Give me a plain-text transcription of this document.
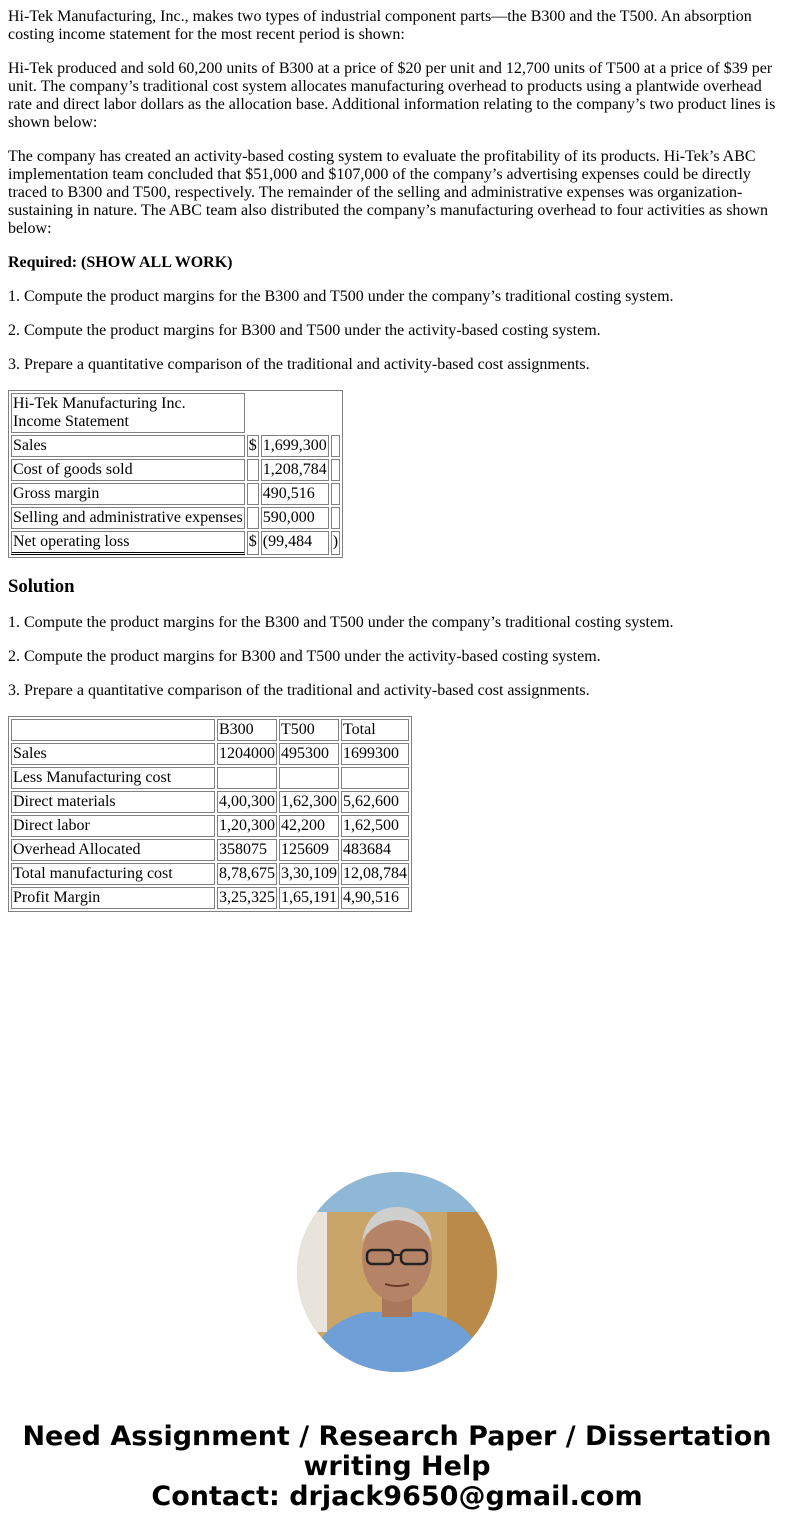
Hi-Tek Manufacturing, Inc., makes two types of industrial component parts—the B300 and the T500. An absorption costing income statement for the most recent period is shown:

Hi-Tek produced and sold 60,200 units of B300 at a price of $20 per unit and 12,700 units of T500 at a price of $39 per unit. The company’s traditional cost system allocates manufacturing overhead to products using a plantwide overhead rate and direct labor dollars as the allocation base. Additional information relating to the company’s two product lines is shown below:

The company has created an activity-based costing system to evaluate the profitability of its products. Hi-Tek’s ABC implementation team concluded that $51,000 and $107,000 of the company’s advertising expenses could be directly traced to B300 and T500, respectively. The remainder of the selling and administrative expenses was organization-sustaining in nature. The ABC team also distributed the company’s manufacturing overhead to four activities as shown below:

Required: (SHOW ALL WORK)

1. Compute the product margins for the B300 and T500 under the company’s traditional costing system.

2. Compute the product margins for B300 and T500 under the activity-based costing system.

3. Prepare a quantitative comparison of the traditional and activity-based cost assignments.

Hi-Tek Manufacturing Inc.
Income Statement			
Sales	$	1,699,300	
Cost of goods sold		1,208,784	
Gross margin		490,516	
Selling and administrative expenses		590,000	
Net operating loss	$	(99,484	)
Solution

1. Compute the product margins for the B300 and T500 under the company’s traditional costing system.

2. Compute the product margins for B300 and T500 under the activity-based costing system.

3. Prepare a quantitative comparison of the traditional and activity-based cost assignments.

	B300	T500	Total
Sales	1204000	495300	1699300
Less Manufacturing cost			
Direct materials	4,00,300	1,62,300	5,62,600
Direct labor	1,20,300	42,200	1,62,500
Overhead Allocated	358075	125609	483684
Total manufacturing cost	8,78,675	3,30,109	12,08,784
Profit Margin	3,25,325	1,65,191	4,90,516
Need Assignment / Research Paper / Dissertation writing Help
Contact: drjack9650@gmail.com
